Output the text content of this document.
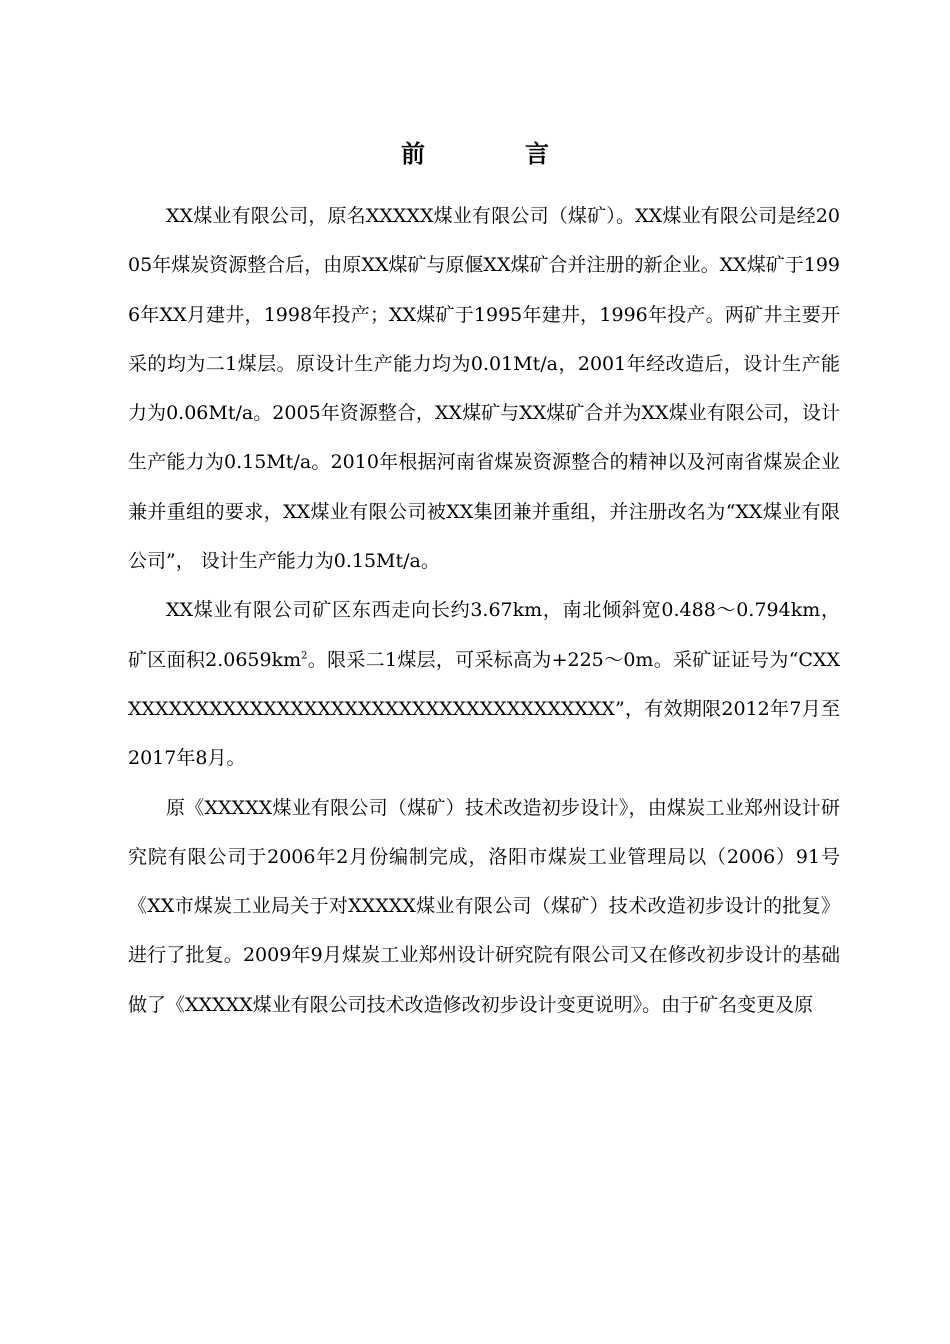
前	言

XX煤业有限公司，原名XXXXX煤业有限公司（煤矿）。XX煤业有限公司是经2005年煤炭资源整合后，由原XX煤矿与原偃XX煤矿合并注册的新企业。XX煤矿于1996年XX月建井，1998年投产；XX煤矿于1995年建井，1996年投产。两矿井主要开采的均为二1煤层。原设计生产能力均为0.01Mt/a，2001年经改造后，设计生产能力为0.06Mt/a。2005年资源整合，XX煤矿与XX煤矿合并为XX煤业有限公司，设计生产能力为0.15Mt/a。2010年根据河南省煤炭资源整合的精神以及河南省煤炭企业兼并重组的要求，XX煤业有限公司被XX集团兼并重组，并注册改名为“XX煤业有限公司”， 设计生产能力为0.15Mt/a。

XX煤业有限公司矿区东西走向长约3.67km，南北倾斜宽0.488～0.794km，矿区面积$2.0659km^2$。限采二1煤层，可采标高为+225～0m。采矿证证号为“CXXXXXXXXXXXXXXXXXXXXXXXXXXXXXXXXXXXXXX”，有效期限2012年7月至2017年8月。

原《XXXXX煤业有限公司（煤矿）技术改造初步设计》，由煤炭工业郑州设计研究院有限公司于2006年2月份编制完成，洛阳市煤炭工业管理局以（2006）91号《XX市煤炭工业局关于对XXXXX煤业有限公司（煤矿）技术改造初步设计的批复》进行了批复。2009年9月煤炭工业郑州设计研究院有限公司又在修改初步设计的基础做了《XXXXX煤业有限公司技术改造修改初步设计变更说明》。由于矿名变更及原
